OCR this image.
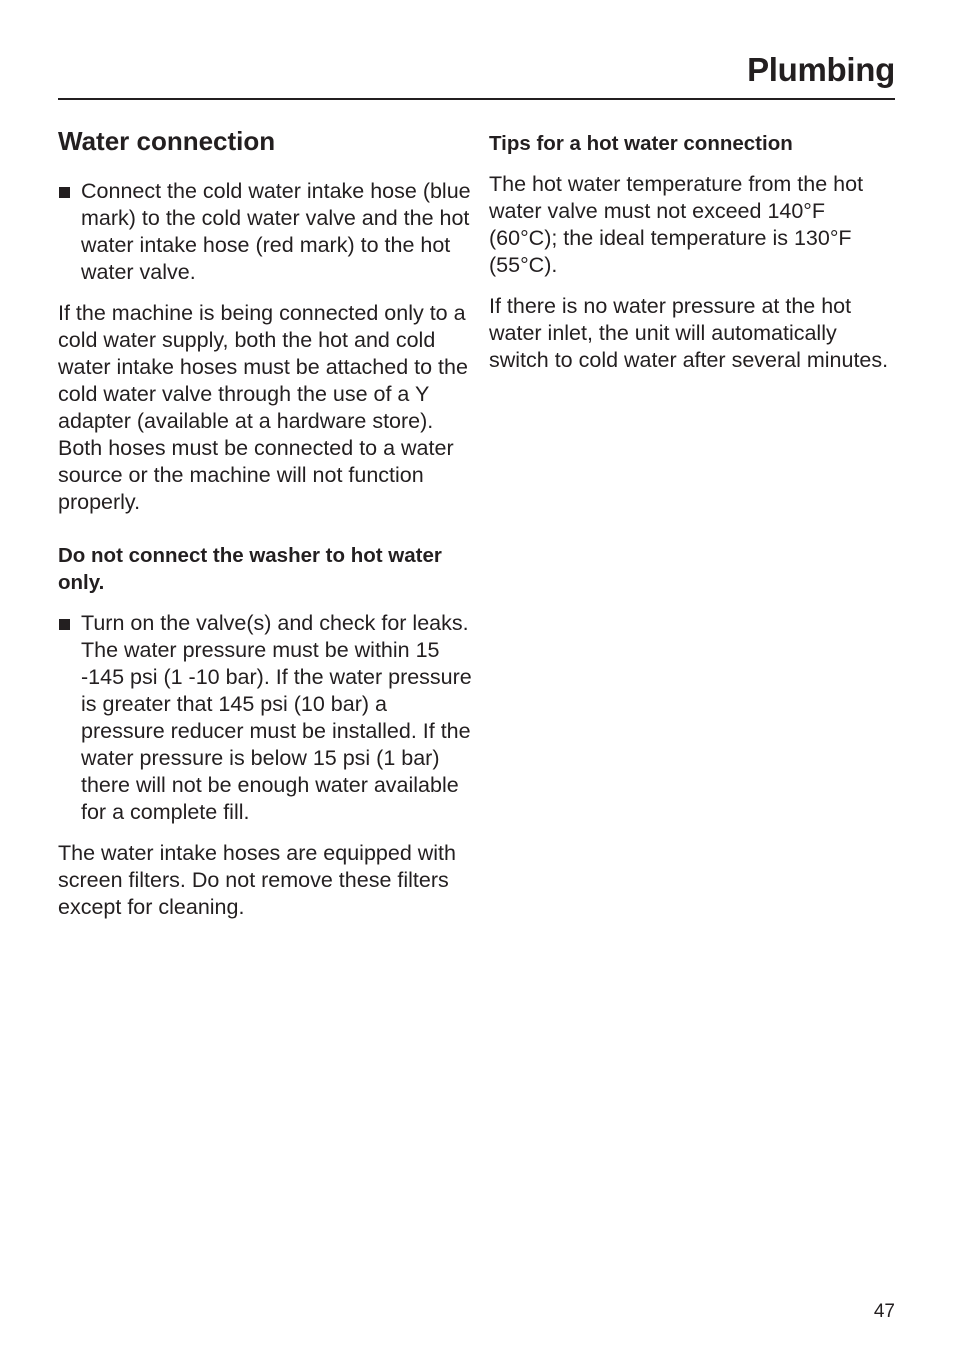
Plumbing
Water connection
Connect the cold water intake hose (blue mark) to the cold water valve and the hot water intake hose (red mark) to the hot water valve.

If the machine is being connected only to a cold water supply, both the hot and cold water intake hoses must be attached to the cold water valve through the use of a Y adapter (available at a hardware store). Both hoses must be connected to a water source or the machine will not function properly.

Do not connect the washer to hot water only.

Turn on the valve(s) and check for leaks. The water pressure must be within 15 -145 psi (1 -10 bar). If the water pressure is greater that 145 psi (10 bar) a pressure reducer must be installed. If the water pressure is below 15 psi (1 bar) there will not be enough water available for a complete fill.

The water intake hoses are equipped with screen filters. Do not remove these filters except for cleaning.

Tips for a hot water connection

The hot water temperature from the hot water valve must not exceed 140°F (60°C); the ideal temperature is 130°F (55°C).

If there is no water pressure at the hot water inlet, the unit will automatically switch to cold water after several minutes.

47
